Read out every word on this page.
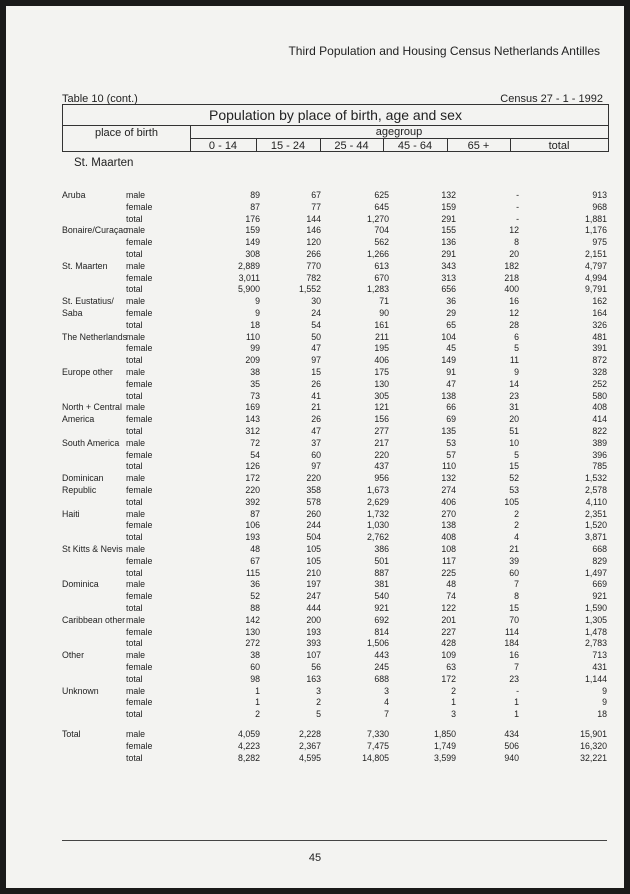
Third Population and Housing Census Netherlands Antilles
Table 10 (cont.)	Census 27 - 1 - 1992
Population by place of birth, age and sex
place of birth	agegroup
0 - 14	15 - 24	25 - 44	45 - 64	65 +	total
St. Maarten
Aruba	male	89	67	625	132	-	913
female	87	77	645	159	-	968
total	176	144	1,270	291	-	1,881
Bonaire/Curaçao
male	159	146	704	155	12	1,176
female	149	120	562	136	8	975
total	308	266	1,266	291	20	2,151
St. Maarten male	2,889	770	613	343	182	4,797
female	3,011	782	670	313	218	4,994
total	5,900	1,552	1,283	656	400	9,791
St. Eustatius/ male	9	30	71	36	16	162
Saba	female	9	24	90	29	12	164
total	18	54	161	65	28	326
The Netherlands
male	110	50	211	104	6	481
female	99	47	195	45	5	391
total	209	97	406	149	11	872
Europe other male	38	15	175	91	9	328
female	35	26	130	47	14	252
total	73	41	305	138	23	580
North + Central male	169	21	121	66	31	408
America	female	143	26	156	69	20	414
total	312	47	277	135	51	822
South America male	72	37	217	53	10	389
female	54	60	220	57	5	396
total	126	97	437	110	15	785
Dominican	male	172	220	956	132	52	1,532
Republic	female	220	358	1,673	274	53	2,578
total	392	578	2,629	406	105	4,110
Haiti	male	87	260	1,732	270	2	2,351
female	106	244	1,030	138	2	1,520
total	193	504	2,762	408	4	3,871
St Kitts & Nevis male	48	105	386	108	21	668
female	67	105	501	117	39	829
total	115	210	887	225	60	1,497
Dominica	male	36	197	381	48	7	669
female	52	247	540	74	8	921
total	88	444	921	122	15	1,590
Caribbean other male	142	200	692	201	70	1,305
female	130	193	814	227	114	1,478
total	272	393	1,506	428	184	2,783
Other	male	38	107	443	109	16	713
female	60	56	245	63	7	431
total	98	163	688	172	23	1,144
Unknown	male	1	3	3	2	-	9
female	1	2	4	1	1	9
total	2	5	7	3	1	18
Total	male	4,059	2,228	7,330	1,850	434	15,901
female	4,223	2,367	7,475	1,749	506	16,320
total	8,282	4,595	14,805	3,599	940	32,221
45
